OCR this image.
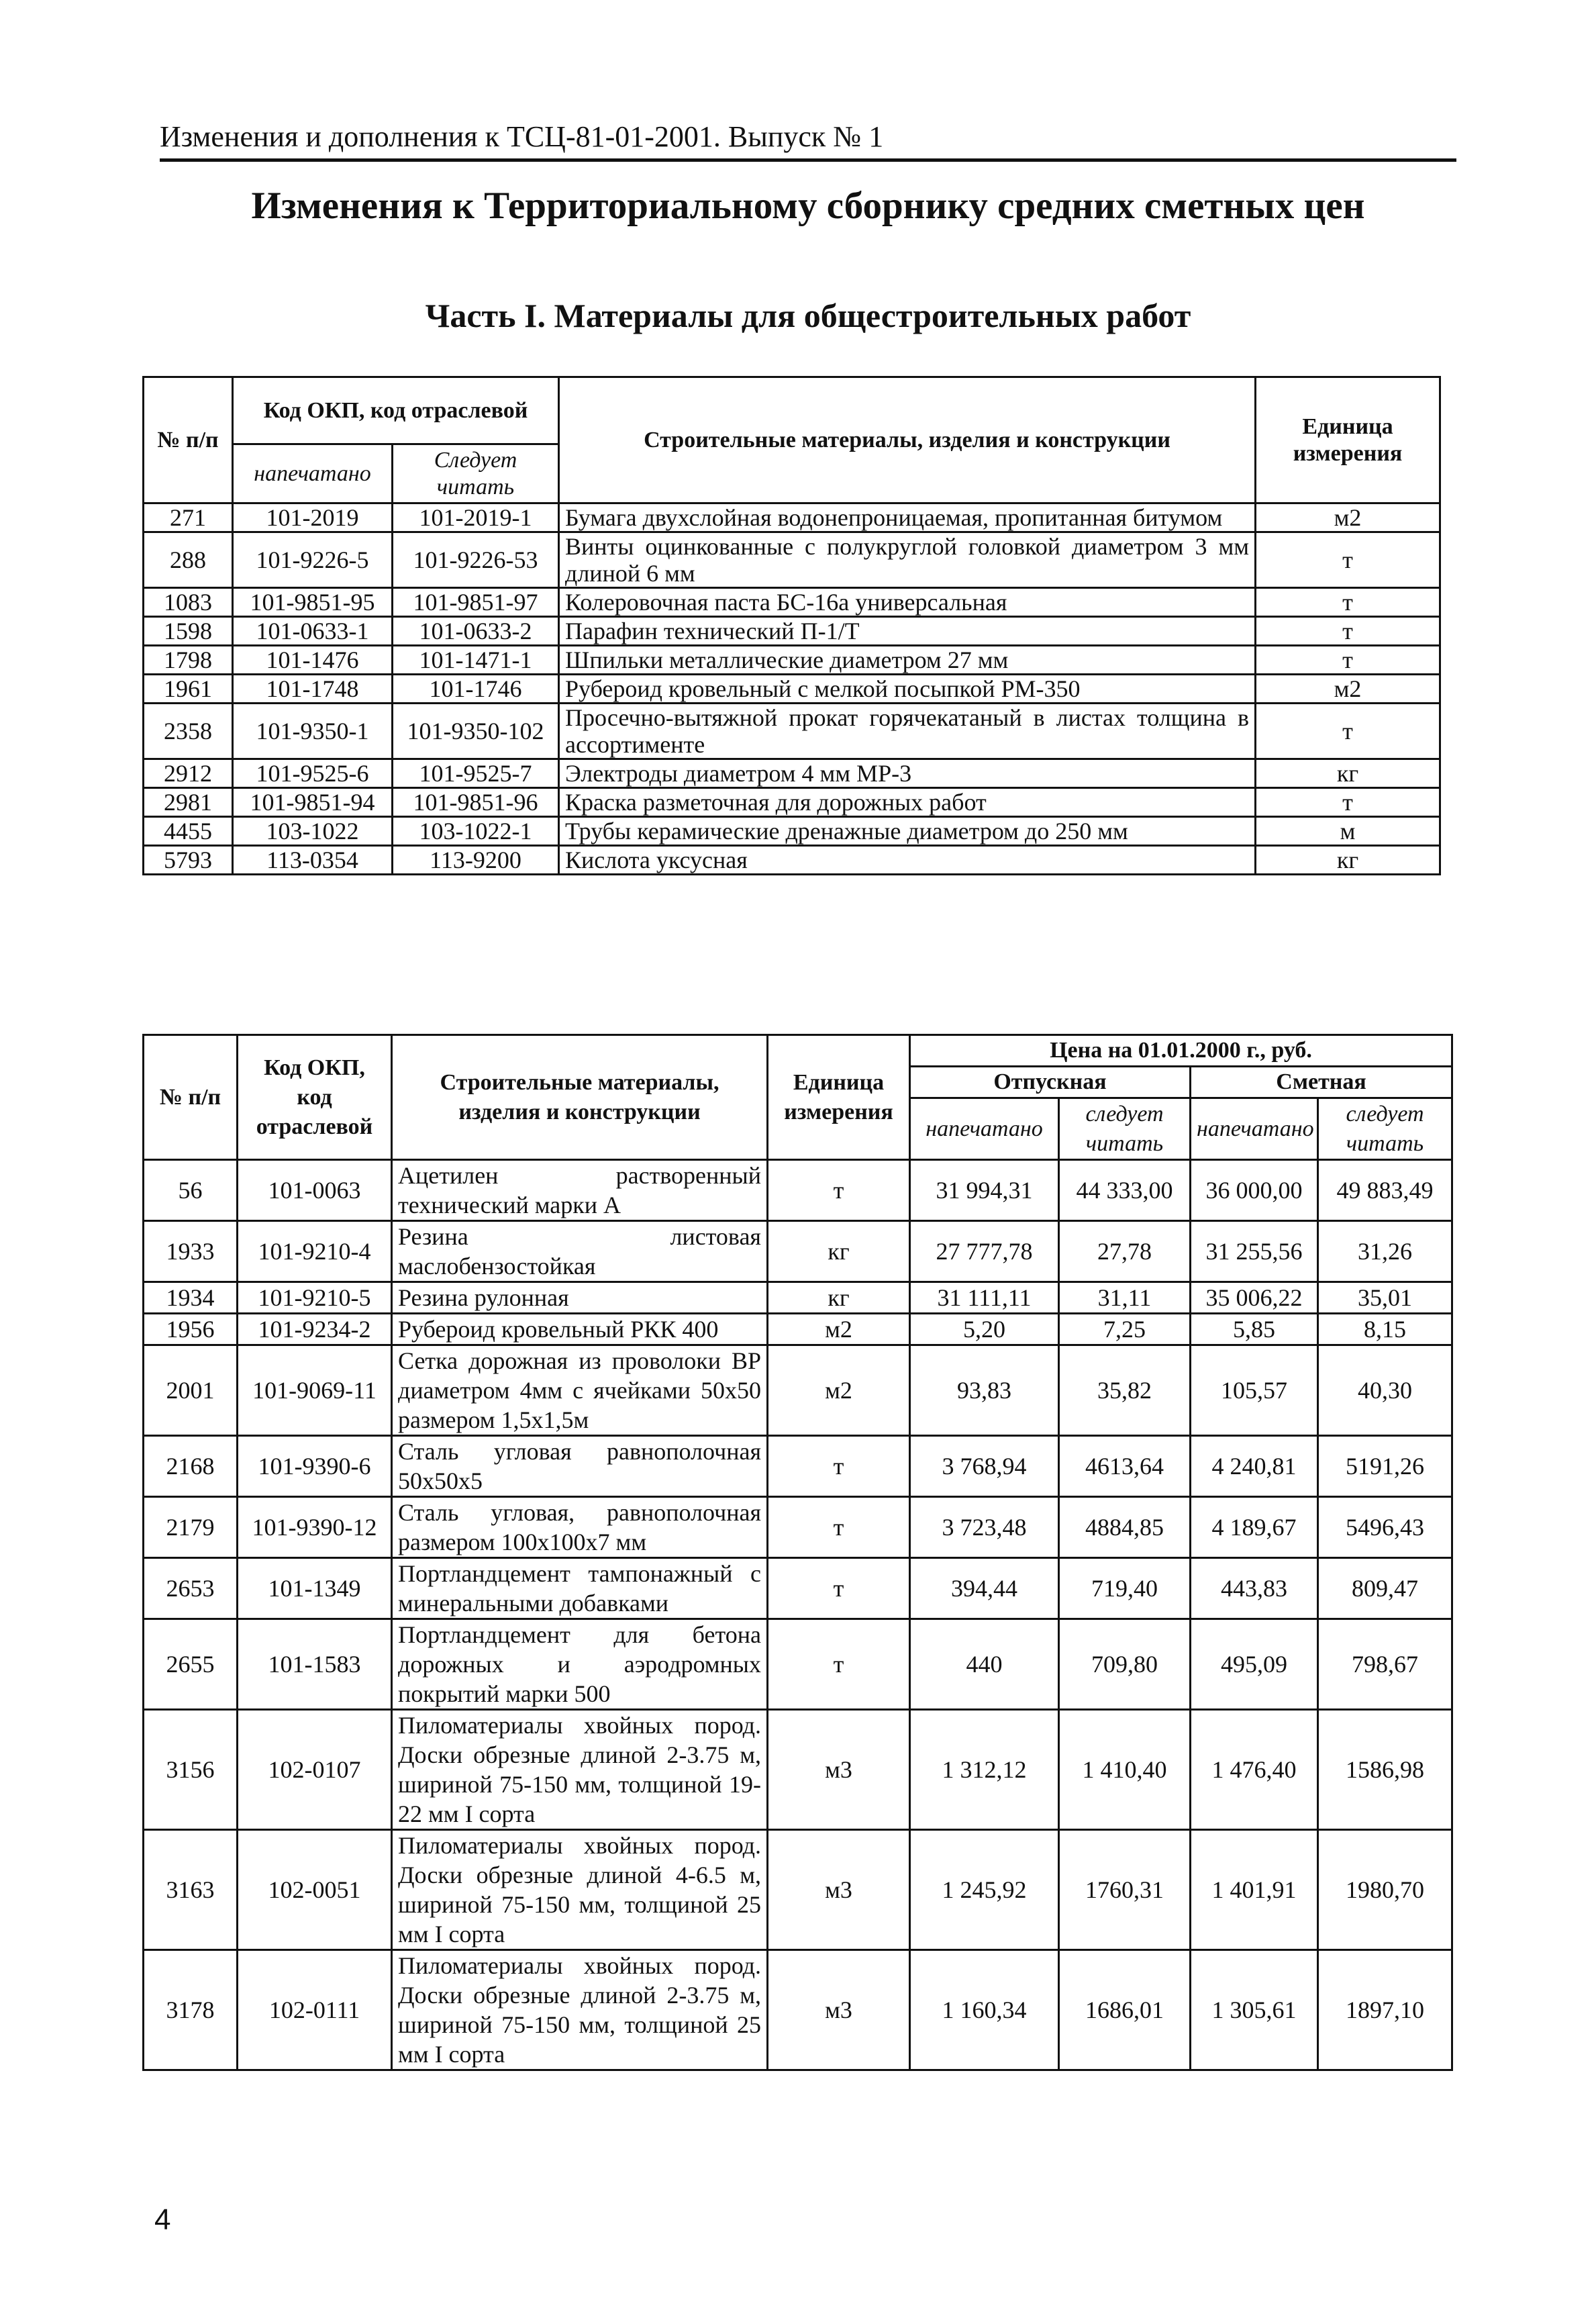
Изменения и дополнения к ТСЦ-81-01-2001. Выпуск № 1
Изменения к Территориальному сборнику средних сметных цен
Часть I. Материалы для общестроительных работ
№ п/п	Код ОКП, код отраслевой		Строительные материалы, изделия и конструкции	Единица измерения
	напечатано	Следует читать		
271	101-2019	101-2019-1	Бумага двухслойная водонепроницаемая, пропитанная битумом	м2
288	101-9226-5	101-9226-53	Винты оцинкованные с полукруглой головкой диаметром 3 мм длиной 6 мм	т
1083	101-9851-95	101-9851-97	Колеровочная паста БС-16а универсальная	т
1598	101-0633-1	101-0633-2	Парафин технический П-1/Т	т
1798	101-1476	101-1471-1	Шпильки металлические диаметром 27 мм	т
1961	101-1748	101-1746	Рубероид кровельный с мелкой посыпкой РМ-350	м2
2358	101-9350-1	101-9350-102	Просечно-вытяжной прокат горячекатаный в листах толщина в ассортименте	т
2912	101-9525-6	101-9525-7	Электроды диаметром 4 мм МР-3	кг
2981	101-9851-94	101-9851-96	Краска разметочная для дорожных работ	т
4455	103-1022	103-1022-1	Трубы керамические дренажные диаметром до 250 мм	м
5793	113-0354	113-9200	Кислота уксусная	кг
№ п/п	Код ОКП, код отраслевой	Строительные материалы, изделия и конструкции	Единица измерения	Цена на 01.01.2000 г., руб.			
				Отпускная		Сметная	
				напечатано	следует читать	напечатано	следует читать
56	101-0063	Ацетилен растворенный технический марки А	т	31 994,31	44 333,00	36 000,00	49 883,49
1933	101-9210-4	Резина листовая маслобензостойкая	кг	27 777,78	27,78	31 255,56	31,26
1934	101-9210-5	Резина рулонная	кг	31 111,11	31,11	35 006,22	35,01
1956	101-9234-2	Рубероид кровельный РКК 400	м2	5,20	7,25	5,85	8,15
2001	101-9069-11	Сетка дорожная из проволоки ВР диаметром 4мм с ячейками 50х50 размером 1,5х1,5м	м2	93,83	35,82	105,57	40,30
2168	101-9390-6	Сталь угловая равнополочная 50х50х5	т	3 768,94	4613,64	4 240,81	5191,26
2179	101-9390-12	Сталь угловая, равнополочная размером 100х100х7 мм	т	3 723,48	4884,85	4 189,67	5496,43
2653	101-1349	Портландцемент тампонажный с минеральными добавками	т	394,44	719,40	443,83	809,47
2655	101-1583	Портландцемент для бетона дорожных и аэродромных покрытий марки 500	т	440	709,80	495,09	798,67
3156	102-0107	Пиломатериалы хвойных пород. Доски обрезные длиной 2-3.75 м, шириной 75-150 мм, толщиной 19-22 мм I сорта	м3	1 312,12	1 410,40	1 476,40	1586,98
3163	102-0051	Пиломатериалы хвойных пород. Доски обрезные длиной 4-6.5 м, шириной 75-150 мм, толщиной 25 мм I сорта	м3	1 245,92	1760,31	1 401,91	1980,70
3178	102-0111	Пиломатериалы хвойных пород. Доски обрезные длиной 2-3.75 м, шириной 75-150 мм, толщиной 25 мм I сорта	м3	1 160,34	1686,01	1 305,61	1897,10
4
